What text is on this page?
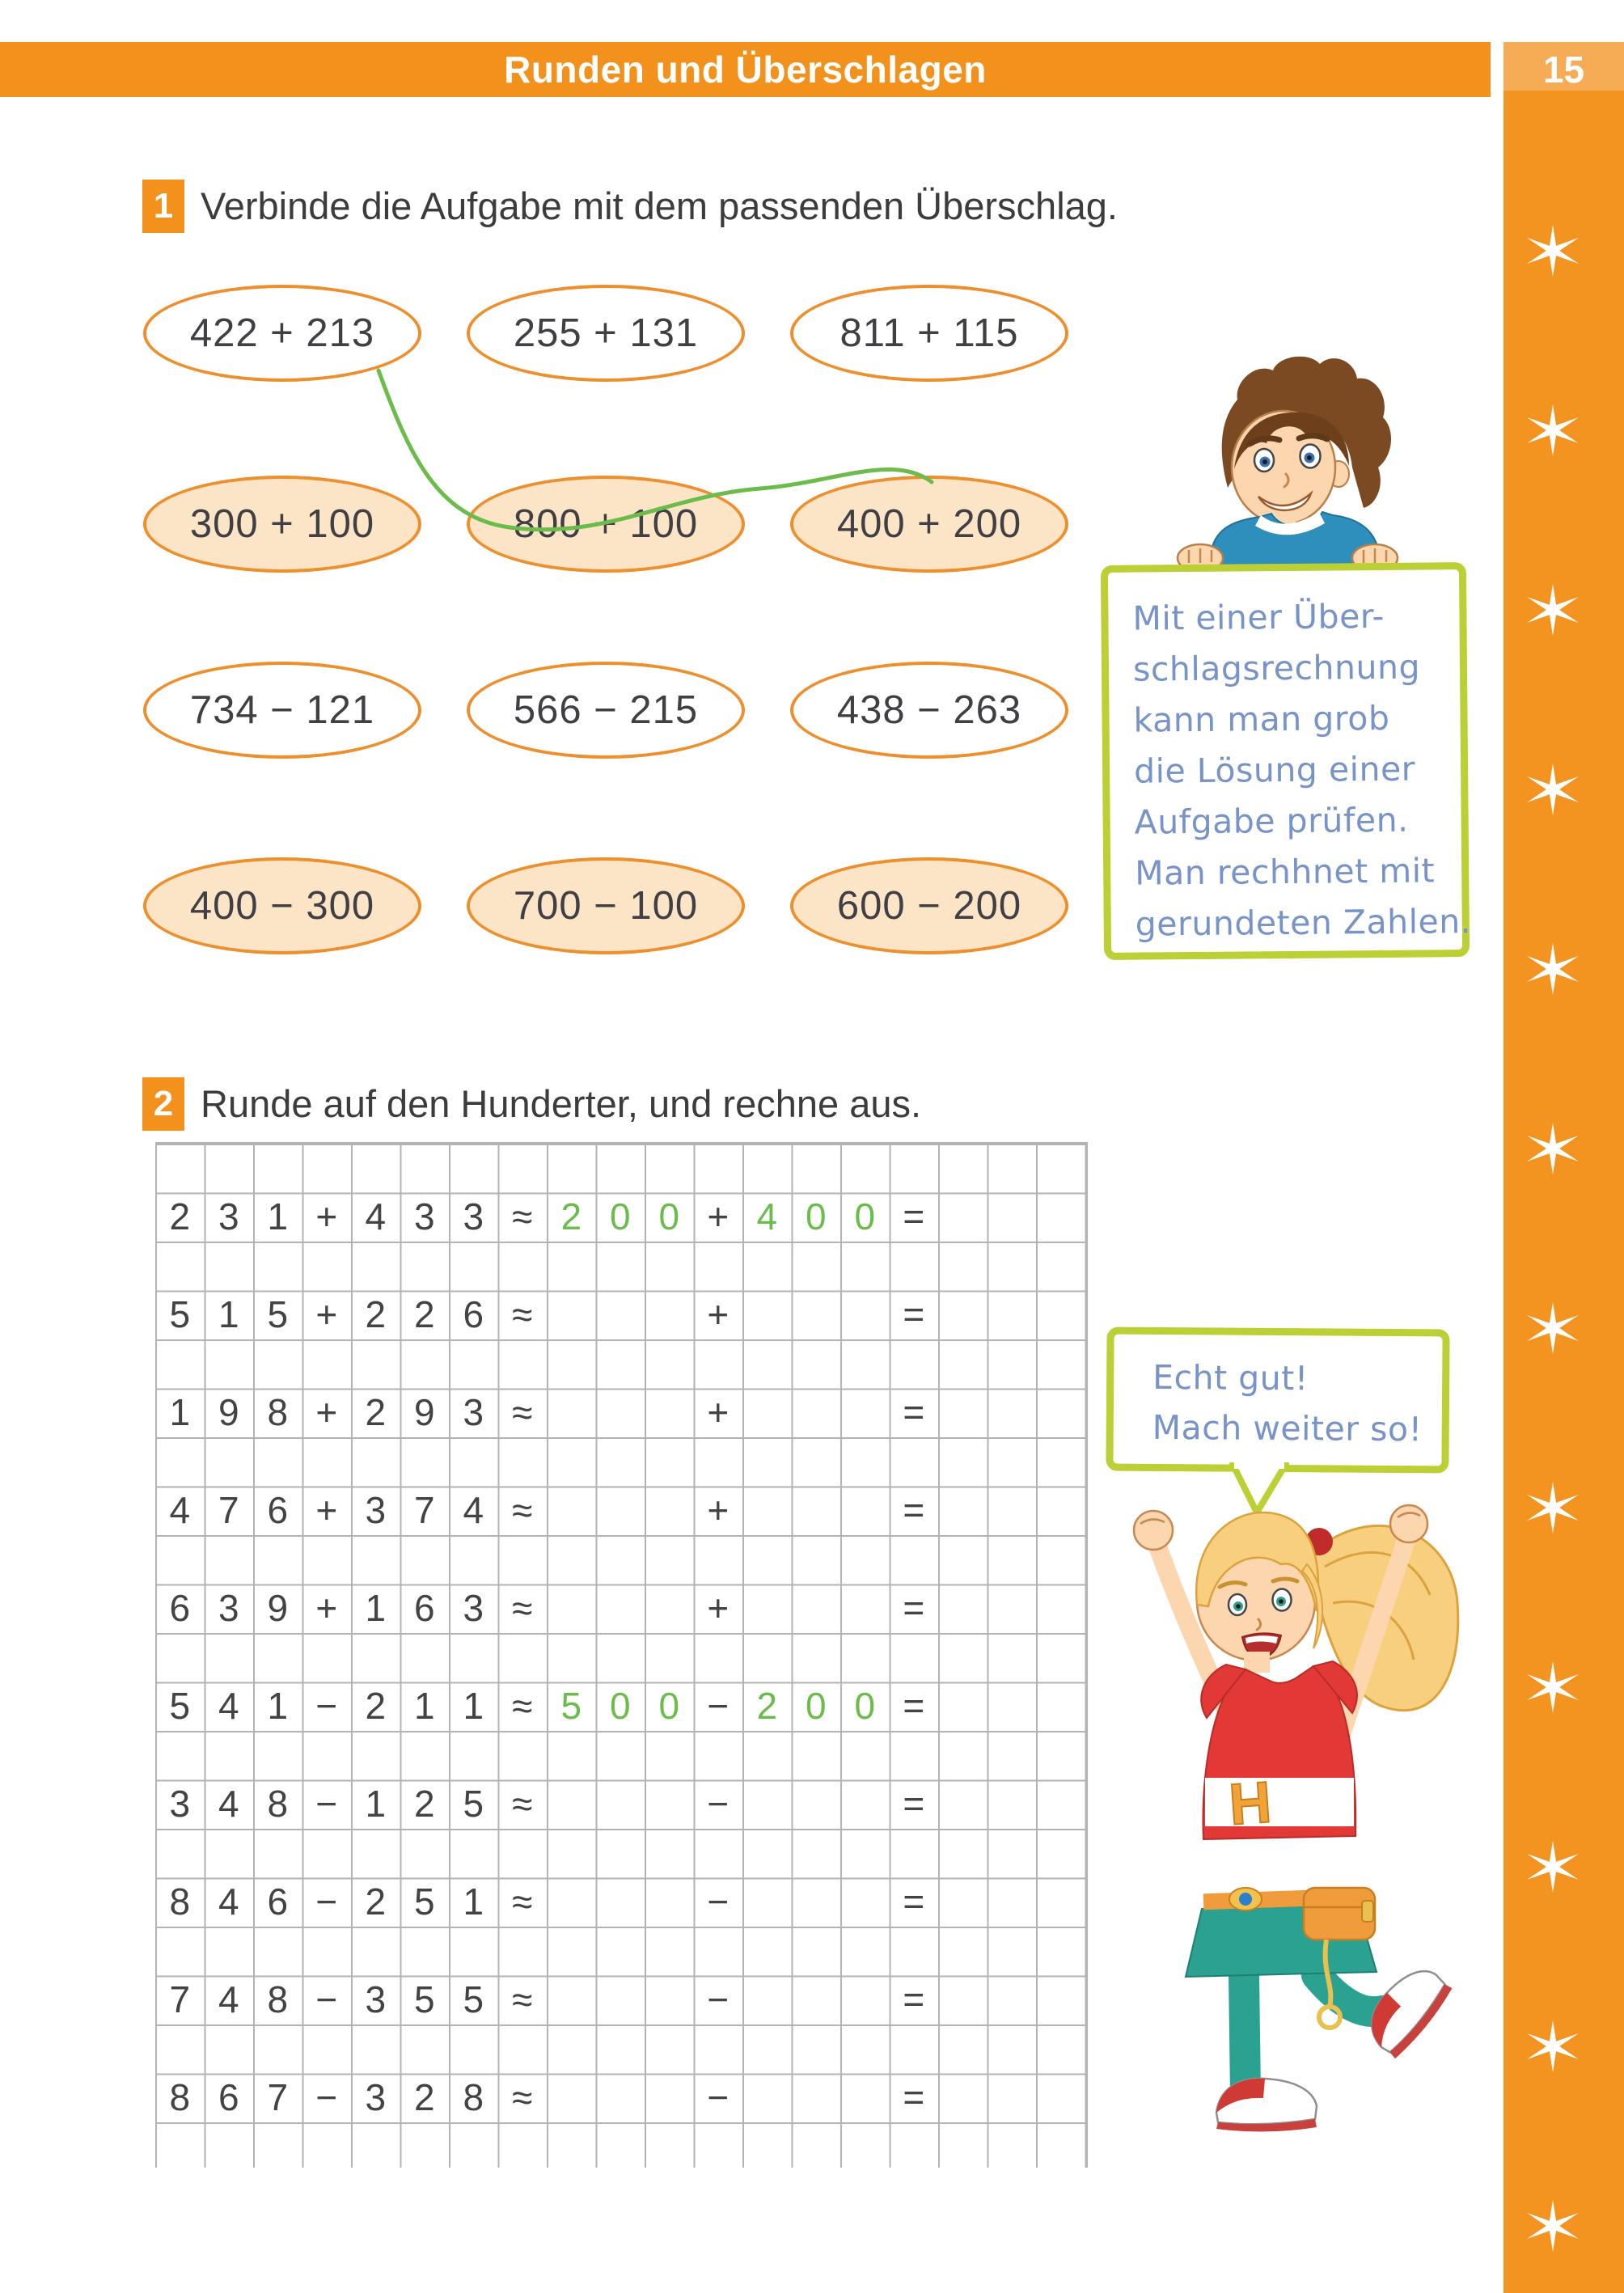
Runden und Überschlagen	15
1 Verbinde die Aufgabe mit dem passenden Überschlag.
422 + 213	255 + 131	811 + 115
300 + 100	800 + 100	400 + 200
734 − 121	566 − 215	438 − 263
400 − 300	700 − 100	600 − 200
Mit einer Über-
schlagsrechnung
kann man grob
die Lösung einer
Aufgabe prüfen.
Man rechhnet mit
gerundeten Zahlen.
2 Runde auf den Hunderter, und rechne aus.
2 3 1 + 4 3 3 ≈ 2 0 0 + 4 0 0 =
5 1 5 + 2 2 6 ≈	+	=
1 9 8 + 2 9 3 ≈	+	=
4 7 6 + 3 7 4 ≈	+	=
6 3 9 + 1 6 3 ≈	+	=
5 4 1 − 2 1 1 ≈ 5 0 0 − 2 0 0 =
3 4 8 − 1 2 5 ≈	−	=
8 4 6 − 2 5 1 ≈	−	=
7 4 8 − 3 5 5 ≈	−	=
8 6 7 − 3 2 8 ≈	−	=
Echt gut!
Mach weiter so!
H
